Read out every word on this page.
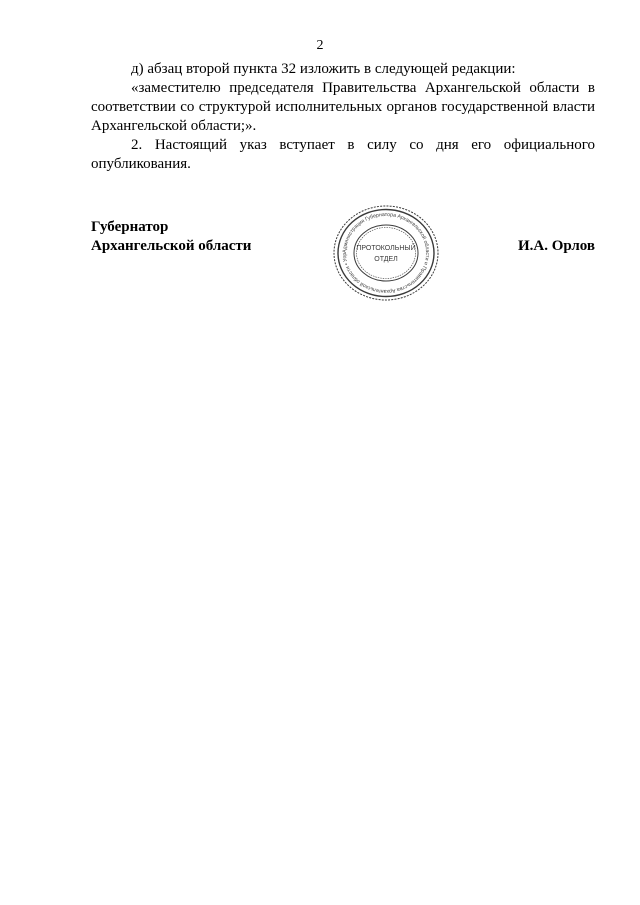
2

д) абзац второй пункта 32 изложить в следующей редакции:

«заместителю председателя Правительства Архангельской области в соответствии со структурой исполнительных органов государственной власти Архангельской области;».

2. Настоящий указ вступает в силу со дня его официального опубликования.

Губернатор
Архангельской области	И.А. Орлов
Администрация Губернатора Архангельской области и Правительства Архангельской области • Упр
ПРОТОКОЛЬНЫЙ
ОТДЕЛ
